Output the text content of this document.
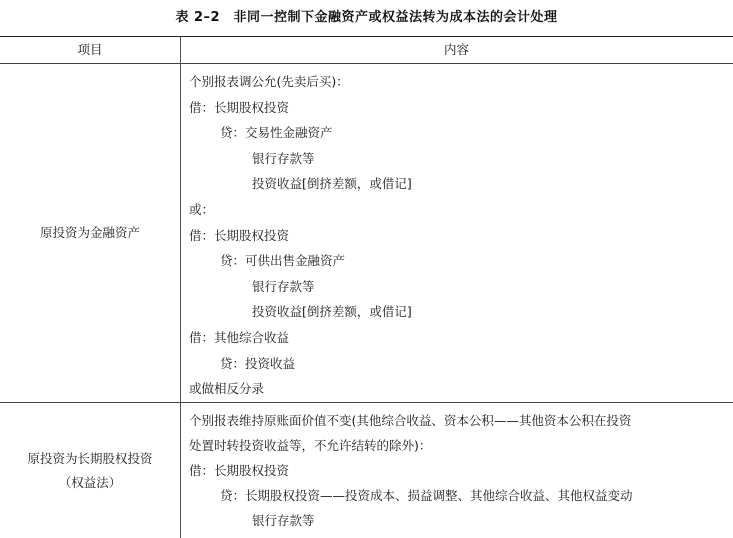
表 2–2　非同一控制下金融资产或权益法转为成本法的会计处理
项目	内容
原投资为金融资产
个别报表调公允(先卖后买)：
借：长期股权投资
贷：交易性金融资产
银行存款等
投资收益[倒挤差额，或借记]
或：
借：长期股权投资
贷：可供出售金融资产
银行存款等
投资收益[倒挤差额，或借记]
借：其他综合收益
贷：投资收益
或做相反分录
原投资为长期股权投资
（权益法）
个别报表维持原账面价值不变(其他综合收益、资本公积——其他资本公积在投资
处置时转投资收益等，不允许结转的除外)：
借：长期股权投资
贷：长期股权投资——投资成本、损益调整、其他综合收益、其他权益变动
银行存款等
